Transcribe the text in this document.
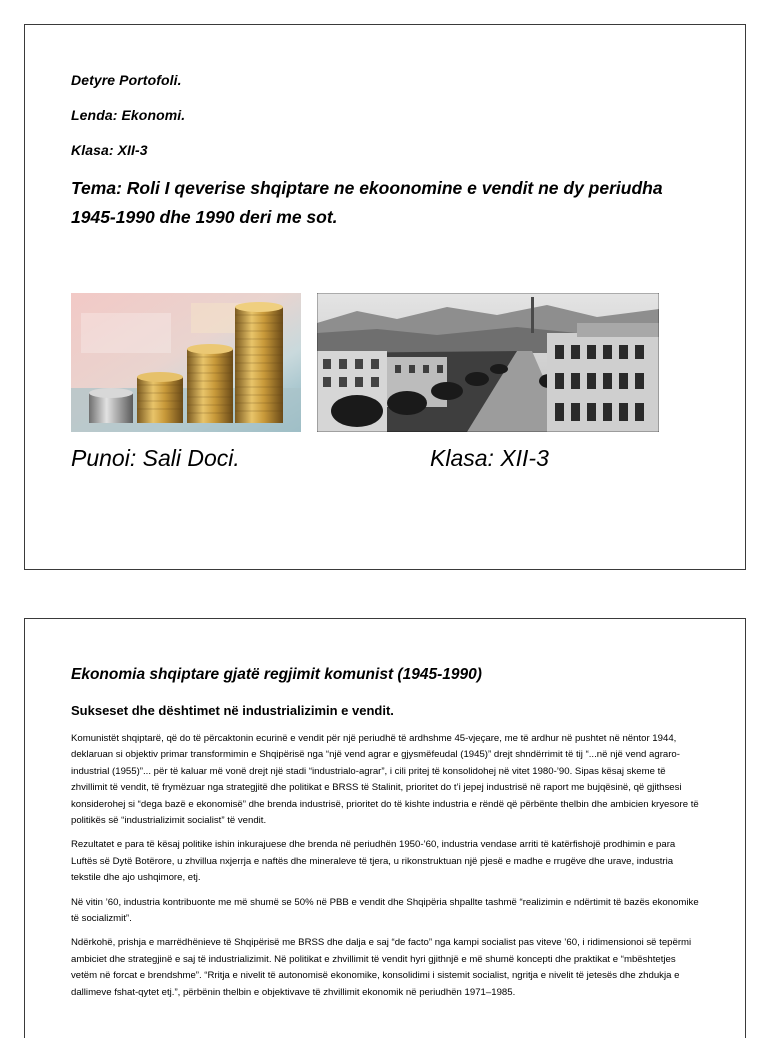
Detyre Portofoli.
Lenda: Ekonomi.
Klasa: XII-3
Tema: Roli I qeverise shqiptare ne ekoonomine e vendit ne dy periudha 1945-1990 dhe 1990 deri me sot.
Punoi: Sali Doci.	Klasa: XII-3
Ekonomia shqiptare gjatë regjimit komunist (1945-1990)
Sukseset dhe dështimet në industrializimin e vendit.

Komunistët shqiptarë, që do të përcaktonin ecurinë e vendit për një periudhë të ardhshme 45-vjeçare, me të ardhur në pushtet në nëntor 1944, deklaruan si objektiv primar transformimin e Shqipërisë nga “një vend agrar e gjysmëfeudal (1945)” drejt shndërrimit të tij “...në një vend agraro-industrial (1955)”... për të kaluar më vonë drejt një stadi “industrialo-agrar”, i cili pritej të konsolidohej në vitet 1980-’90. Sipas kësaj skeme të zhvillimit të vendit, të frymëzuar nga strategjitë dhe politikat e BRSS të Stalinit, prioritet do t’i jepej industrisë në raport me bujqësinë, që gjithsesi konsiderohej si “dega bazë e ekonomisë” dhe brenda industrisë, prioritet do të kishte industria e rëndë që përbënte thelbin dhe ambicien kryesore të politikës së “industrializimit socialist” të vendit.

Rezultatet e para të kësaj politike ishin inkurajuese dhe brenda në periudhën 1950-’60, industria vendase arriti të katërfishojë prodhimin e para Luftës së Dytë Botërore, u zhvillua nxjerrja e naftës dhe mineraleve të tjera, u rikonstruktuan një pjesë e madhe e rrugëve dhe urave, industria tekstile dhe ajo ushqimore, etj.

Në vitin ’60, industria kontribuonte me më shumë se 50% në PBB e vendit dhe Shqipëria shpallte tashmë “realizimin e ndërtimit të bazës ekonomike të socializmit”.

Ndërkohë, prishja e marrëdhënieve të Shqipërisë me BRSS dhe dalja e saj “de facto” nga kampi socialist pas viteve ’60, i ridimensionoi së tepërmi ambiciet dhe strategjinë e saj të industrializimit. Në politikat e zhvillimit të vendit hyri gjithnjë e më shumë koncepti dhe praktikat e “mbështetjes vetëm në forcat e brendshme”. “Rritja e nivelit të autonomisë ekonomike, konsolidimi i sistemit socialist, ngritja e nivelit të jetesës dhe zhdukja e dallimeve fshat-qytet etj.”, përbënin thelbin e objektivave të zhvillimit ekonomik në periudhën 1971–1985.
